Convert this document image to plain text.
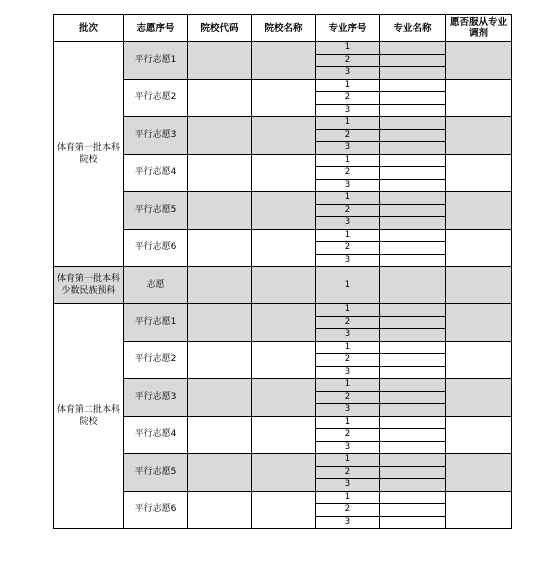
批次	志愿序号	院校代码	院校名称	专业序号	专业名称	愿否服从专业调剂
体育第一批本科院校	平行志愿1			1		
				2		
				3		
	平行志愿2			1		
				2		
				3		
	平行志愿3			1		
				2		
				3		
	平行志愿4			1		
				2		
				3		
	平行志愿5			1		
				2		
				3		
	平行志愿6			1		
				2		
				3		
体育第一批本科少数民族预科	志愿			1		
体育第二批本科院校	平行志愿1			1		
				2		
				3		
	平行志愿2			1		
				2		
				3		
	平行志愿3			1		
				2		
				3		
	平行志愿4			1		
				2		
				3		
	平行志愿5			1		
				2		
				3		
	平行志愿6			1		
				2		
				3		
